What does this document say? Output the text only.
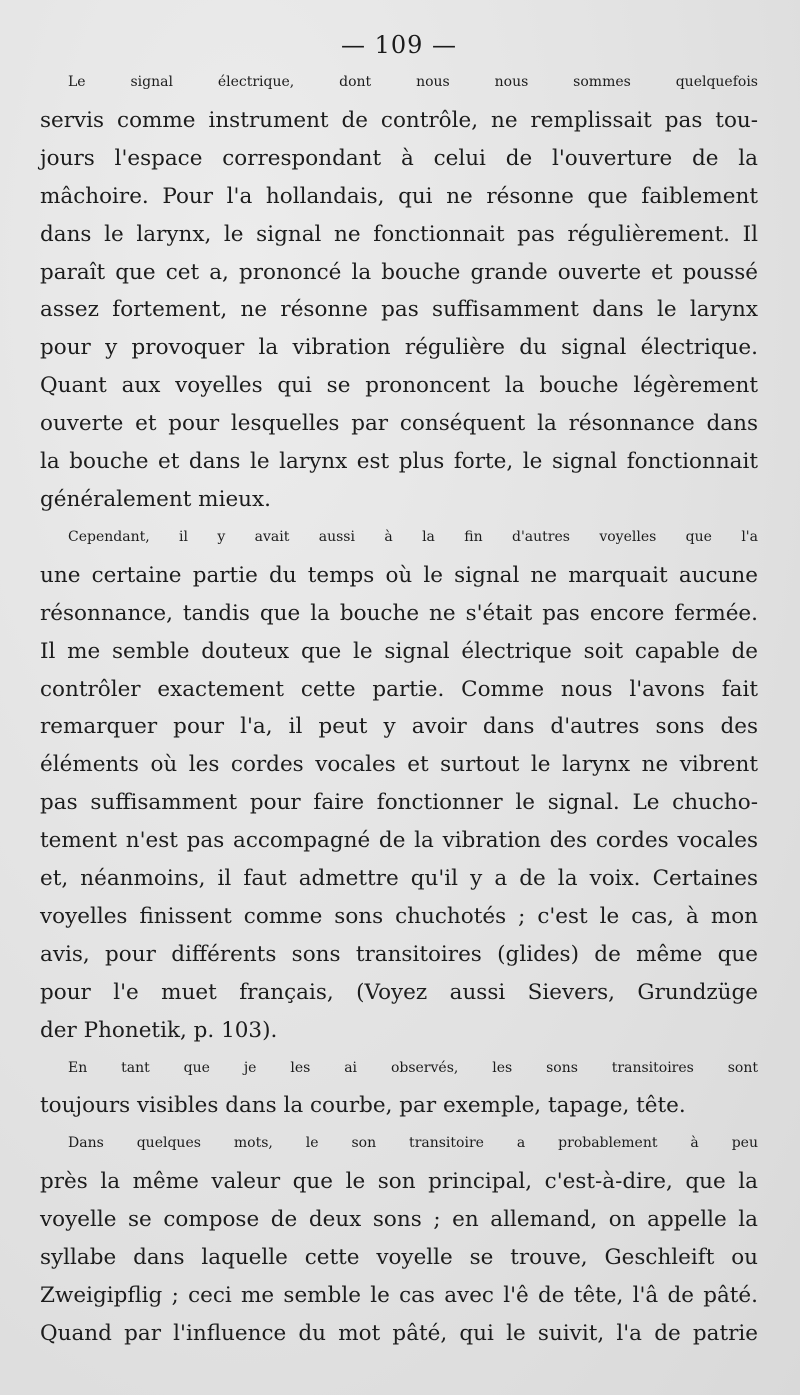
— 109 —

Le signal électrique, dont nous nous sommes quelquefois
servis comme instrument de contrôle, ne remplissait pas tou-
jours l'espace correspondant à celui de l'ouverture de la
mâchoire. Pour l'a hollandais, qui ne résonne que faiblement
dans le larynx, le signal ne fonctionnait pas régulièrement. Il
paraît que cet a, prononcé la bouche grande ouverte et poussé
assez fortement, ne résonne pas suffisamment dans le larynx
pour y provoquer la vibration régulière du signal électrique.
Quant aux voyelles qui se prononcent la bouche légèrement
ouverte et pour lesquelles par conséquent la résonnance dans
la bouche et dans le larynx est plus forte, le signal fonctionnait
généralement mieux.

Cependant, il y avait aussi à la fin d'autres voyelles que l'a
une certaine partie du temps où le signal ne marquait aucune
résonnance, tandis que la bouche ne s'était pas encore fermée.
Il me semble douteux que le signal électrique soit capable de
contrôler exactement cette partie. Comme nous l'avons fait
remarquer pour l'a, il peut y avoir dans d'autres sons des
éléments où les cordes vocales et surtout le larynx ne vibrent
pas suffisamment pour faire fonctionner le signal. Le chucho-
tement n'est pas accompagné de la vibration des cordes vocales
et, néanmoins, il faut admettre qu'il y a de la voix. Certaines
voyelles finissent comme sons chuchotés ; c'est le cas, à mon
avis, pour différents sons transitoires (glides) de même que
pour l'e muet français, (Voyez aussi Sievers, Grundzüge
der Phonetik, p. 103).

En tant que je les ai observés, les sons transitoires sont
toujours visibles dans la courbe, par exemple, tapage, tête.

Dans quelques mots, le son transitoire a probablement à peu
près la même valeur que le son principal, c'est-à-dire, que la
voyelle se compose de deux sons ; en allemand, on appelle la
syllabe dans laquelle cette voyelle se trouve, Geschleift ou
Zweigipflig ; ceci me semble le cas avec l'ê de tête, l'â de pâté.
Quand par l'influence du mot pâté, qui le suivit, l'a de patrie
